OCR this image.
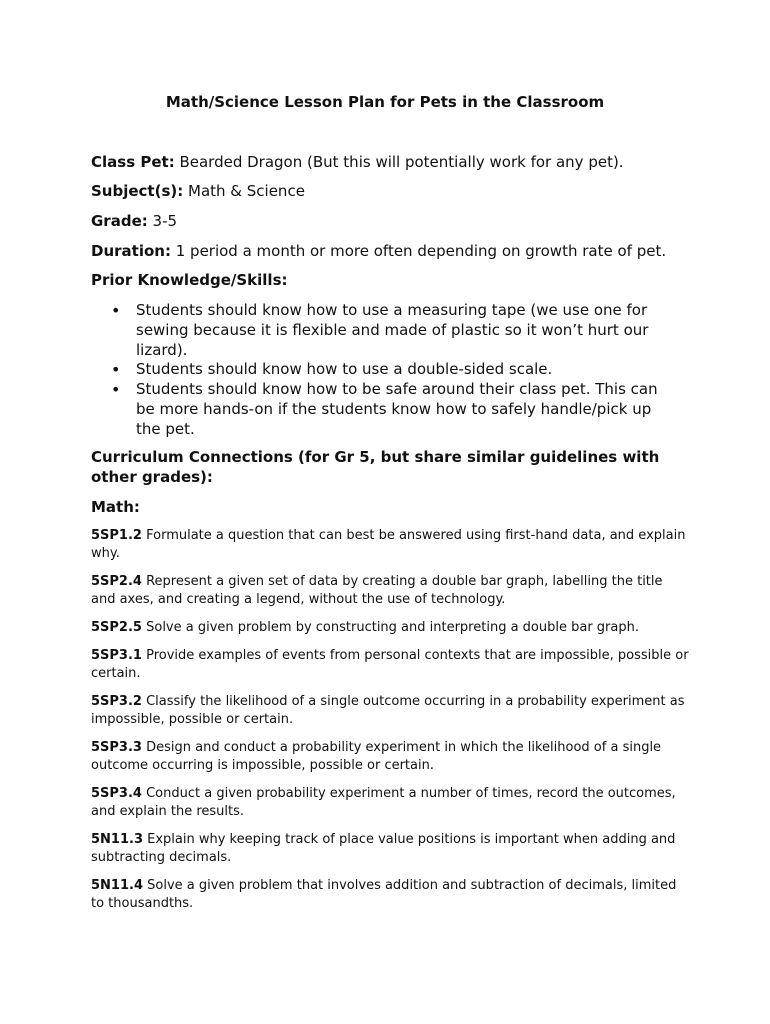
Math/Science Lesson Plan for Pets in the Classroom
Class Pet: Bearded Dragon (But this will potentially work for any pet).
Subject(s): Math & Science
Grade: 3-5
Duration: 1 period a month or more often depending on growth rate of pet.
Prior Knowledge/Skills:
• Students should know how to use a measuring tape (we use one for sewing because it is flexible and made of plastic so it won’t hurt our lizard).
• Students should know how to use a double-sided scale.
• Students should know how to be safe around their class pet. This can be more hands-on if the students know how to safely handle/pick up the pet.
Curriculum Connections (for Gr 5, but share similar guidelines with other grades):
Math:
5SP1.2 Formulate a question that can best be answered using first-hand data, and explain why.
5SP2.4 Represent a given set of data by creating a double bar graph, labelling the title and axes, and creating a legend, without the use of technology.
5SP2.5 Solve a given problem by constructing and interpreting a double bar graph.
5SP3.1 Provide examples of events from personal contexts that are impossible, possible or certain.
5SP3.2 Classify the likelihood of a single outcome occurring in a probability experiment as impossible, possible or certain.
5SP3.3 Design and conduct a probability experiment in which the likelihood of a single outcome occurring is impossible, possible or certain.
5SP3.4 Conduct a given probability experiment a number of times, record the outcomes, and explain the results.
5N11.3 Explain why keeping track of place value positions is important when adding and subtracting decimals.
5N11.4 Solve a given problem that involves addition and subtraction of decimals, limited to thousandths.
